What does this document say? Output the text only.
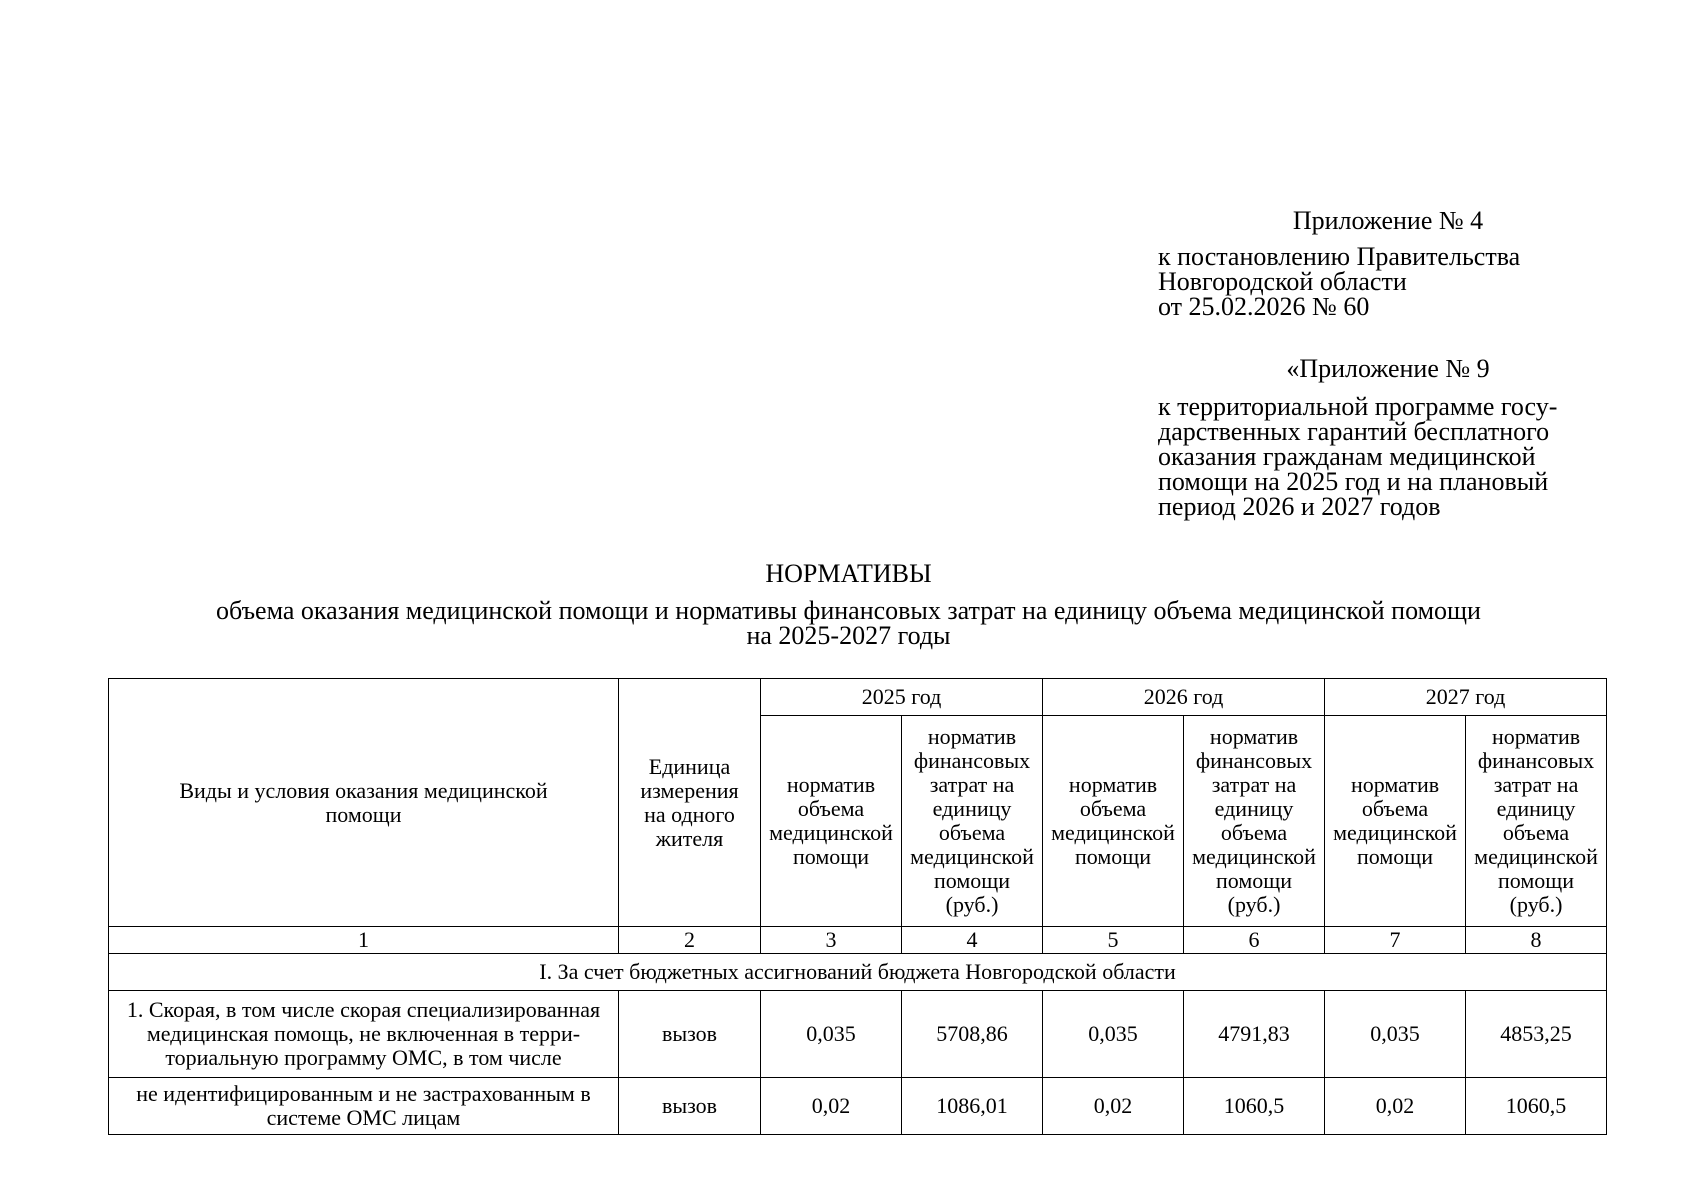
Приложение № 4
к постановлению Правительства
Новгородской области
от 25.02.2026 № 60
«Приложение № 9
к территориальной программе госу-
дарственных гарантий бесплатного
оказания гражданам медицинской
помощи на 2025 год и на плановый
период 2026 и 2027 годов
НОРМАТИВЫ
объема оказания медицинской помощи и нормативы финансовых затрат на единицу объема медицинской помощи
на 2025-2027 годы
Виды и условия оказания медицинской помощи	Единица измерения на одного жителя	2025 год		2026 год		2027 год	
		норматив объема медицинской помощи	норматив финансовых затрат на единицу объема медицинской помощи (руб.)	норматив объема медицинской помощи	норматив финансовых затрат на единицу объема медицинской помощи (руб.)	норматив объема медицинской помощи	норматив финансовых затрат на единицу объема медицинской помощи (руб.)
1	2	3	4	5	6	7	8
I. За счет бюджетных ассигнований бюджета Новгородской области							
1. Скорая, в том числе скорая специализированная медицинская помощь, не включенная в терри- ториальную программу ОМС, в том числе	вызов	0,035	5708,86	0,035	4791,83	0,035	4853,25
не идентифицированным и не застрахованным в системе ОМС лицам	вызов	0,02	1086,01	0,02	1060,5	0,02	1060,5
